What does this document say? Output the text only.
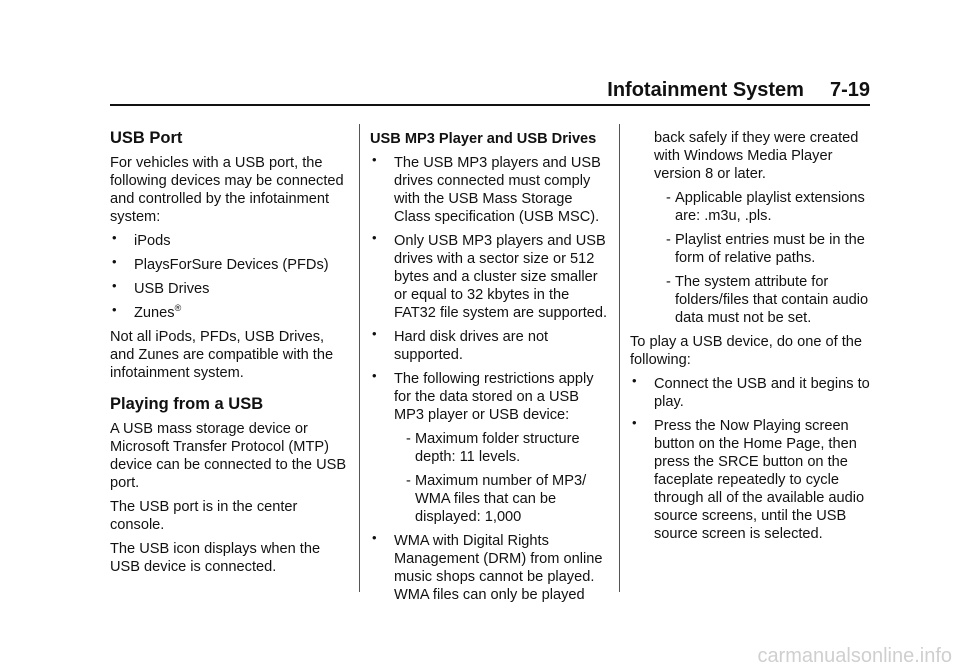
Infotainment System 7-19
USB Port

For vehicles with a USB port, the following devices may be connected and controlled by the infotainment system:

• iPods
• PlaysForSure Devices (PFDs)
• USB Drives
• Zunes®

Not all iPods, PFDs, USB Drives, and Zunes are compatible with the infotainment system.

Playing from a USB

A USB mass storage device or Microsoft Transfer Protocol (MTP) device can be connected to the USB port.

The USB port is in the center console.

The USB icon displays when the USB device is connected.

USB MP3 Player and USB Drives
• The USB MP3 players and USB drives connected must comply with the USB Mass Storage Class specification (USB MSC).
• Only USB MP3 players and USB drives with a sector size or 512 bytes and a cluster size smaller or equal to 32 kbytes in the FAT32 file system are supported.
• Hard disk drives are not supported.
• The following restrictions apply for the data stored on a USB MP3 player or USB device:
- Maximum folder structure depth: 11 levels.
- Maximum number of MP3/ WMA files that can be displayed: 1,000
• WMA with Digital Rights Management (DRM) from online music shops cannot be played. WMA files can only be played
back safely if they were created with Windows Media Player version 8 or later.
- Applicable playlist extensions are: .m3u, .pls.
- Playlist entries must be in the form of relative paths.
- The system attribute for folders/files that contain audio data must not be set.

To play a USB device, do one of the following:

• Connect the USB and it begins to play.
• Press the Now Playing screen button on the Home Page, then press the SRCE button on the faceplate repeatedly to cycle through all of the available audio source screens, until the USB source screen is selected.
carmanualsonline.info
